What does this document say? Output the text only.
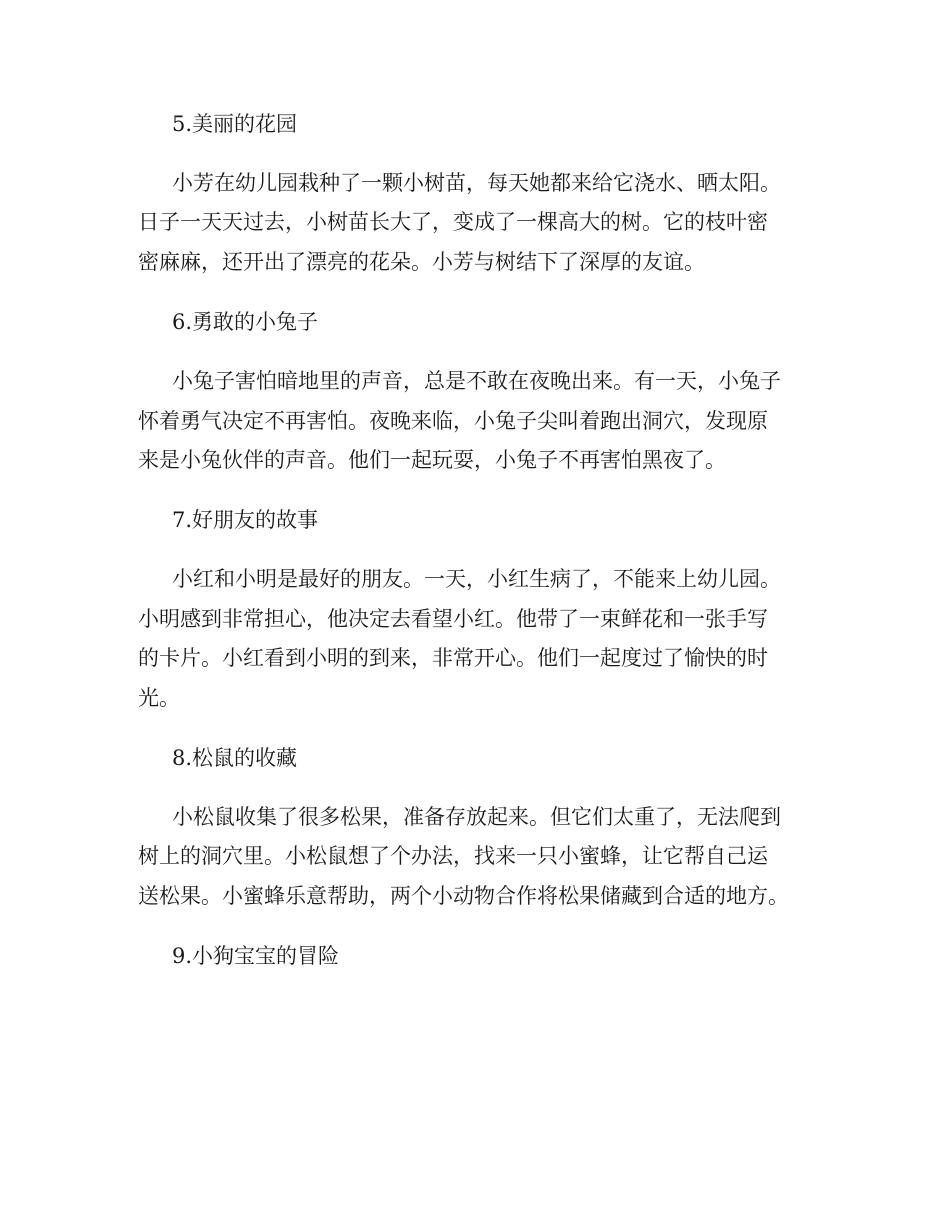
5.美丽的花园
小芳在幼儿园栽种了一颗小树苗，每天她都来给它浇水、晒太阳。
日子一天天过去，小树苗长大了，变成了一棵高大的树。它的枝叶密
密麻麻，还开出了漂亮的花朵。小芳与树结下了深厚的友谊。
6.勇敢的小兔子
小兔子害怕暗地里的声音，总是不敢在夜晚出来。有一天，小兔子
怀着勇气决定不再害怕。夜晚来临，小兔子尖叫着跑出洞穴，发现原
来是小兔伙伴的声音。他们一起玩耍，小兔子不再害怕黑夜了。
7.好朋友的故事
小红和小明是最好的朋友。一天，小红生病了，不能来上幼儿园。
小明感到非常担心，他决定去看望小红。他带了一束鲜花和一张手写
的卡片。小红看到小明的到来，非常开心。他们一起度过了愉快的时
光。
8.松鼠的收藏
小松鼠收集了很多松果，准备存放起来。但它们太重了，无法爬到
树上的洞穴里。小松鼠想了个办法，找来一只小蜜蜂，让它帮自己运
送松果。小蜜蜂乐意帮助，两个小动物合作将松果储藏到合适的地方。
9.小狗宝宝的冒险
